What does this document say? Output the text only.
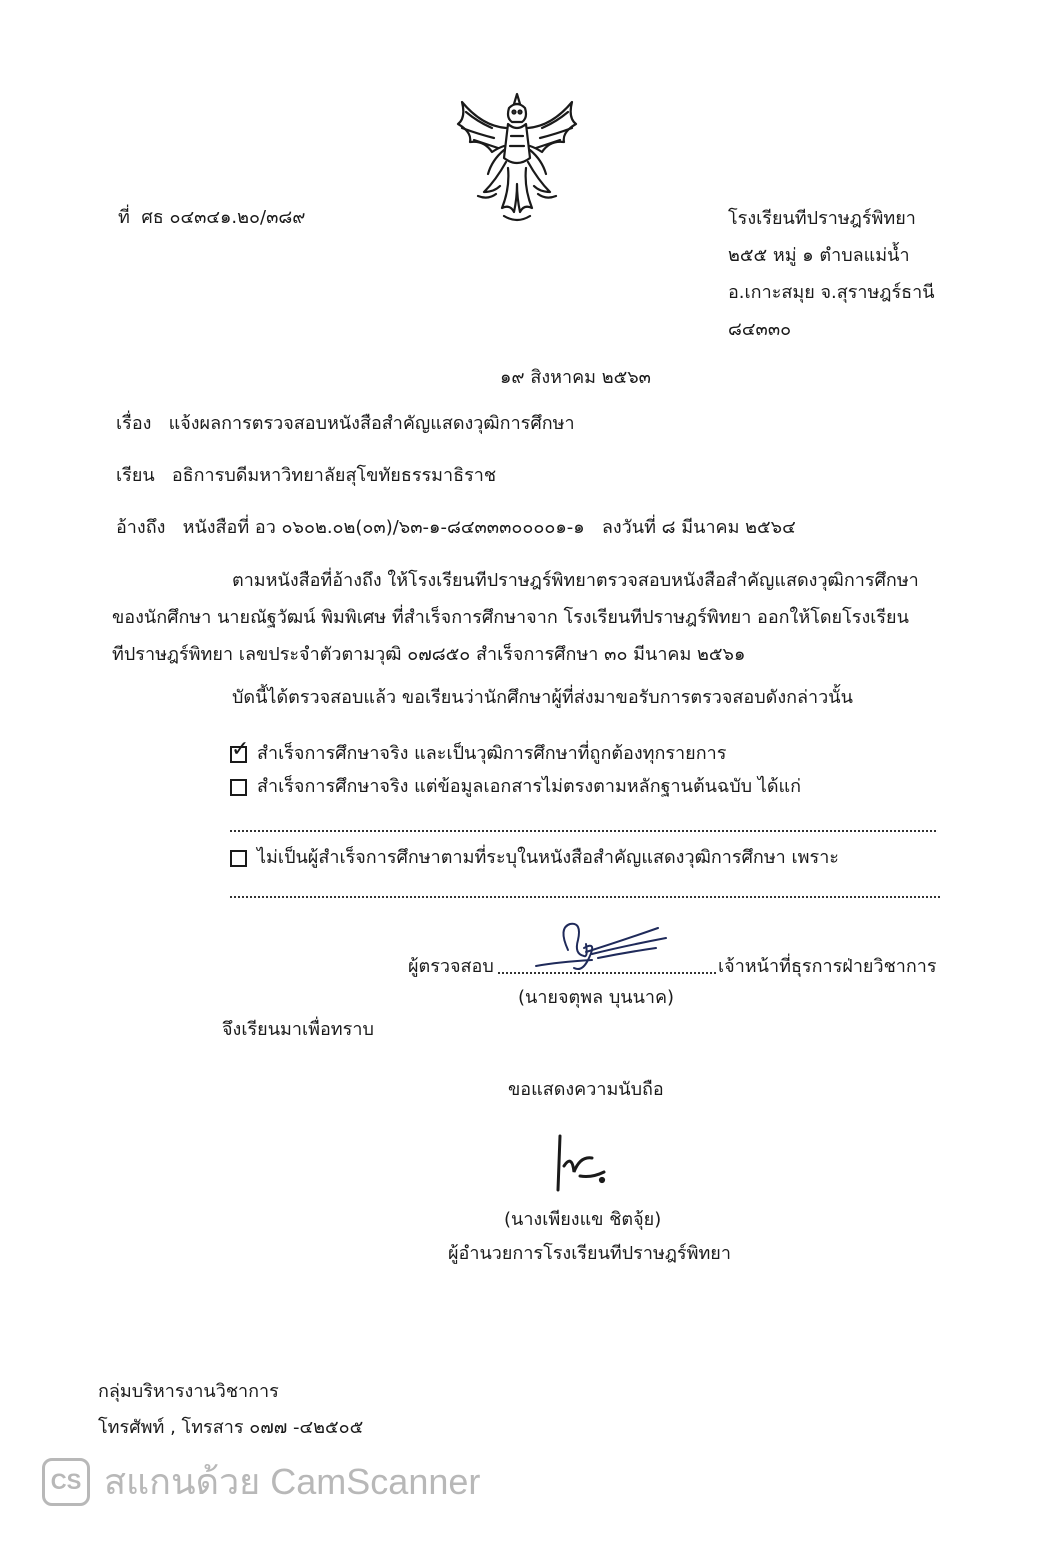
ที่ ศธ ๐๔๓๔๑.๒๐/๓๘๙	โรงเรียนทีปราษฎร์พิทยา
๒๕๕ หมู่ ๑ ตำบลแม่น้ำ
อ.เกาะสมุย จ.สุราษฎร์ธานี
๘๔๓๓๐
๑๙ สิงหาคม ๒๕๖๓
เรื่อง แจ้งผลการตรวจสอบหนังสือสำคัญแสดงวุฒิการศึกษา
เรียน อธิการบดีมหาวิทยาลัยสุโขทัยธรรมาธิราช
อ้างถึง หนังสือที่ อว ๐๖๐๒.๐๒(๐๓)/๖๓-๑-๘๔๓๓๓๐๐๐๐๑-๑ ลงวันที่ ๘ มีนาคม ๒๕๖๔
ตามหนังสือที่อ้างถึง ให้โรงเรียนทีปราษฎร์พิทยาตรวจสอบหนังสือสำคัญแสดงวุฒิการศึกษา
ของนักศึกษา นายณัฐวัฒน์ พิมพิเศษ ที่สำเร็จการศึกษาจาก โรงเรียนทีปราษฎร์พิทยา ออกให้โดยโรงเรียน
ทีปราษฎร์พิทยา เลขประจำตัวตามวุฒิ ๐๗๘๕๐ สำเร็จการศึกษา ๓๐ มีนาคม ๒๕๖๑
บัดนี้ได้ตรวจสอบแล้ว ขอเรียนว่านักศึกษาผู้ที่ส่งมาขอรับการตรวจสอบดังกล่าวนั้น
✓ สำเร็จการศึกษาจริง และเป็นวุฒิการศึกษาที่ถูกต้องทุกรายการ
สำเร็จการศึกษาจริง แต่ข้อมูลเอกสารไม่ตรงตามหลักฐานต้นฉบับ ได้แก่
ไม่เป็นผู้สำเร็จการศึกษาตามที่ระบุในหนังสือสำคัญแสดงวุฒิการศึกษา เพราะ
ผู้ตรวจสอบ	เจ้าหน้าที่ธุรการฝ่ายวิชาการ
(นายจตุพล บุนนาค)
จึงเรียนมาเพื่อทราบ
ขอแสดงความนับถือ
(นางเพียงแข ชิตจุ้ย)
ผู้อำนวยการโรงเรียนทีปราษฎร์พิทยา
กลุ่มบริหารงานวิชาการ
โทรศัพท์ , โทรสาร ๐๗๗ -๔๒๕๐๕
CS สแกนด้วย CamScanner
